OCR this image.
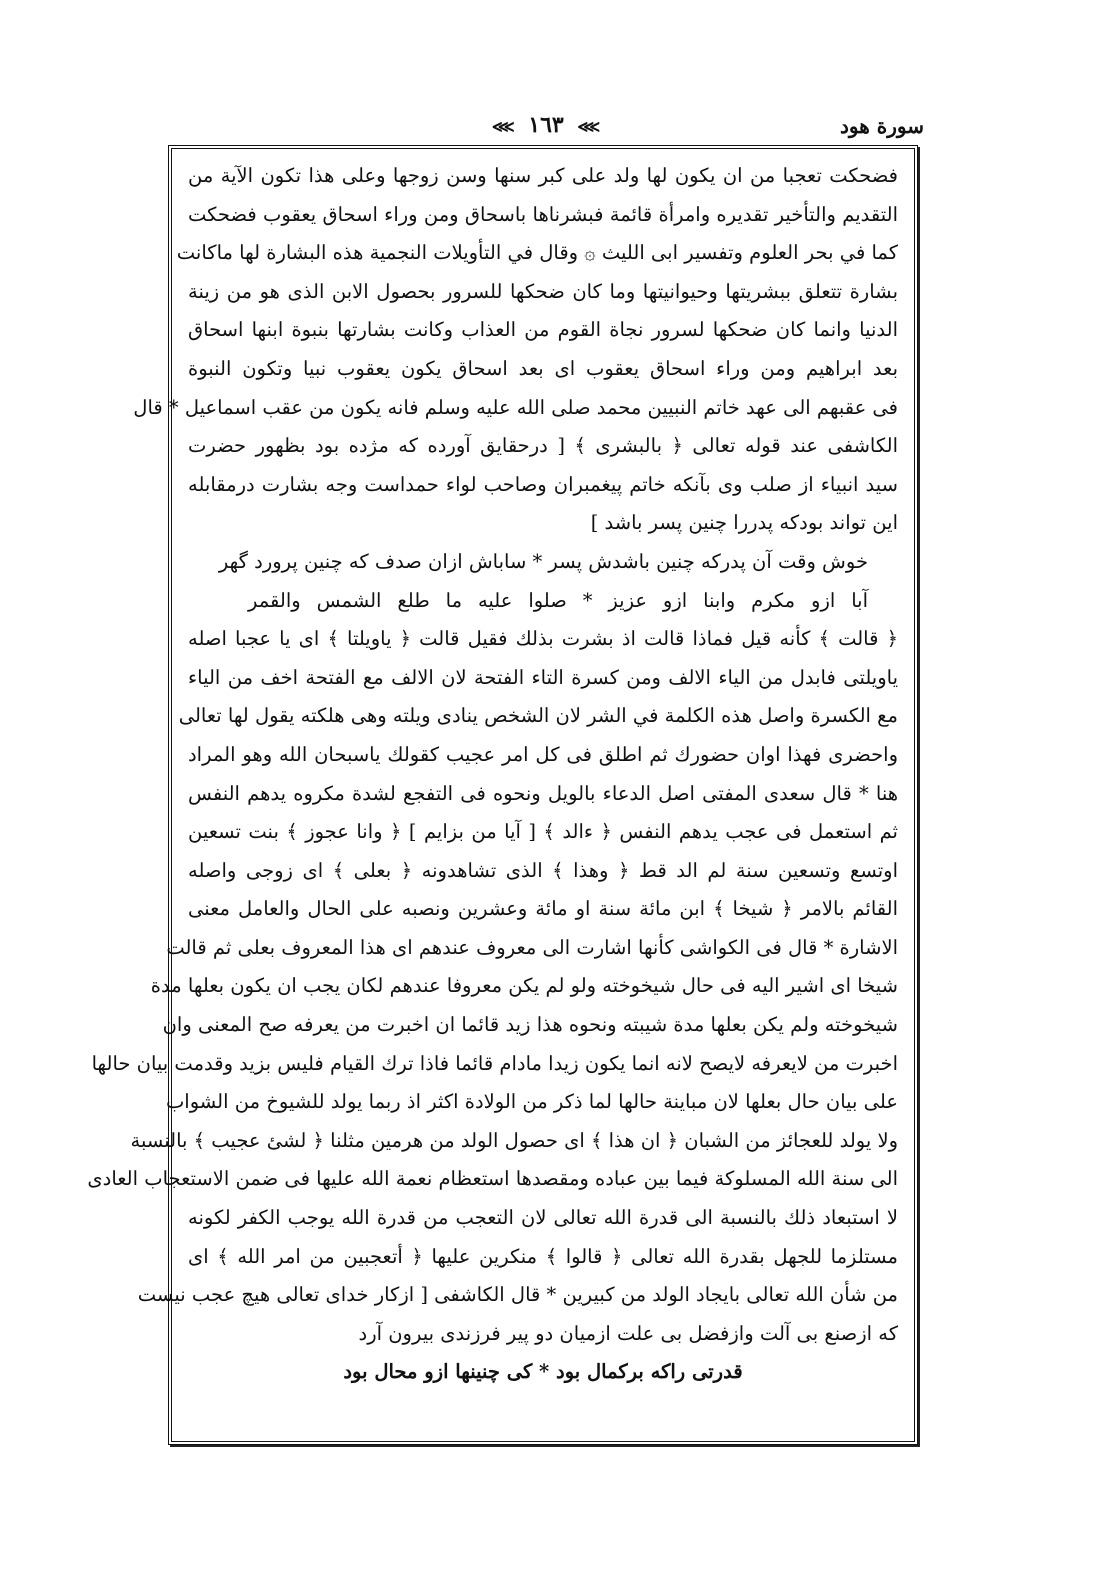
⋘ ١٦٣ ⋘	سورة هود
فضحكت تعجبا من ان يكون لها ولد على كبر سنها وسن زوجها وعلى هذا تكون الآية من
التقديم والتأخير تقديره وامرأة قائمة فبشرناها باسحاق ومن وراء اسحاق يعقوب فضحكت
كما في بحر العلوم وتفسير ابى الليث ۞ وقال في التأويلات النجمية هذه البشارة لها ماكانت
بشارة تتعلق ببشريتها وحيوانيتها وما كان ضحكها للسرور بحصول الابن الذى هو من زينة
الدنيا وانما كان ضحكها لسرور نجاة القوم من العذاب وكانت بشارتها بنبوة ابنها اسحاق
بعد ابراهيم ومن وراء اسحاق يعقوب اى بعد اسحاق يكون يعقوب نبيا وتكون النبوة
فى عقبهم الى عهد خاتم النبيين محمد صلى الله عليه وسلم فانه يكون من عقب اسماعيل * قال
الكاشفى عند قوله تعالى ﴿ بالبشرى ﴾ [ درحقايق آورده كه مژده بود بظهور حضرت
سيد انبياء از صلب وى بآنكه خاتم پيغمبران وصاحب لواء حمداست وجه بشارت درمقابله
اين تواند بودكه پدررا چنين پسر باشد ]
خوش وقت آن پدركه چنين باشدش پسر * ساباش ازان صدف كه چنين پرورد گهر
آبا ازو مكرم وابنا ازو عزيز * صلوا عليه ما طلع الشمس والقمر
﴿ قالت ﴾ كأنه قيل فماذا قالت اذ بشرت بذلك فقيل قالت ﴿ ياويلتا ﴾ اى يا عجبا اصله
ياويلتى فابدل من الياء الالف ومن كسرة التاء الفتحة لان الالف مع الفتحة اخف من الياء
مع الكسرة واصل هذه الكلمة في الشر لان الشخص ينادى ويلته وهى هلكته يقول لها تعالى
واحضرى فهذا اوان حضورك ثم اطلق فى كل امر عجيب كقولك ياسبحان الله وهو المراد
هنا * قال سعدى المفتى اصل الدعاء بالويل ونحوه فى التفجع لشدة مكروه يدهم النفس
ثم استعمل فى عجب يدهم النفس ﴿ ءالد ﴾ [ آيا من بزايم ] ﴿ وانا عجوز ﴾ بنت تسعين
اوتسع وتسعين سنة لم الد قط ﴿ وهذا ﴾ الذى تشاهدونه ﴿ بعلى ﴾ اى زوجى واصله
القائم بالامر ﴿ شيخا ﴾ ابن مائة سنة او مائة وعشرين ونصبه على الحال والعامل معنى
الاشارة * قال فى الكواشى كأنها اشارت الى معروف عندهم اى هذا المعروف بعلى ثم قالت
شيخا اى اشير اليه فى حال شيخوخته ولو لم يكن معروفا عندهم لكان يجب ان يكون بعلها مدة
شيخوخته ولم يكن بعلها مدة شيبته ونحوه هذا زيد قائما ان اخبرت من يعرفه صح المعنى وان
اخبرت من لايعرفه لايصح لانه انما يكون زيدا مادام قائما فاذا ترك القيام فليس بزيد وقدمت بيان حالها
على بيان حال بعلها لان مباينة حالها لما ذكر من الولادة اكثر اذ ربما يولد للشيوخ من الشواب
ولا يولد للعجائز من الشبان ﴿ ان هذا ﴾ اى حصول الولد من هرمين مثلنا ﴿ لشئ عجيب ﴾ بالنسبة
الى سنة الله المسلوكة فيما بين عباده ومقصدها استعظام نعمة الله عليها فى ضمن الاستعجاب العادى
لا استبعاد ذلك بالنسبة الى قدرة الله تعالى لان التعجب من قدرة الله يوجب الكفر لكونه
مستلزما للجهل بقدرة الله تعالى ﴿ قالوا ﴾ منكرين عليها ﴿ أتعجبين من امر الله ﴾ اى
من شأن الله تعالى بايجاد الولد من كبيرين * قال الكاشفى [ ازكار خداى تعالى هيچ عجب نيست
كه ازصنع بى آلت وازفضل بى علت ازميان دو پير فرزندى بيرون آرد
قدرتى راكه بركمال بود * كى چنينها ازو محال بود
